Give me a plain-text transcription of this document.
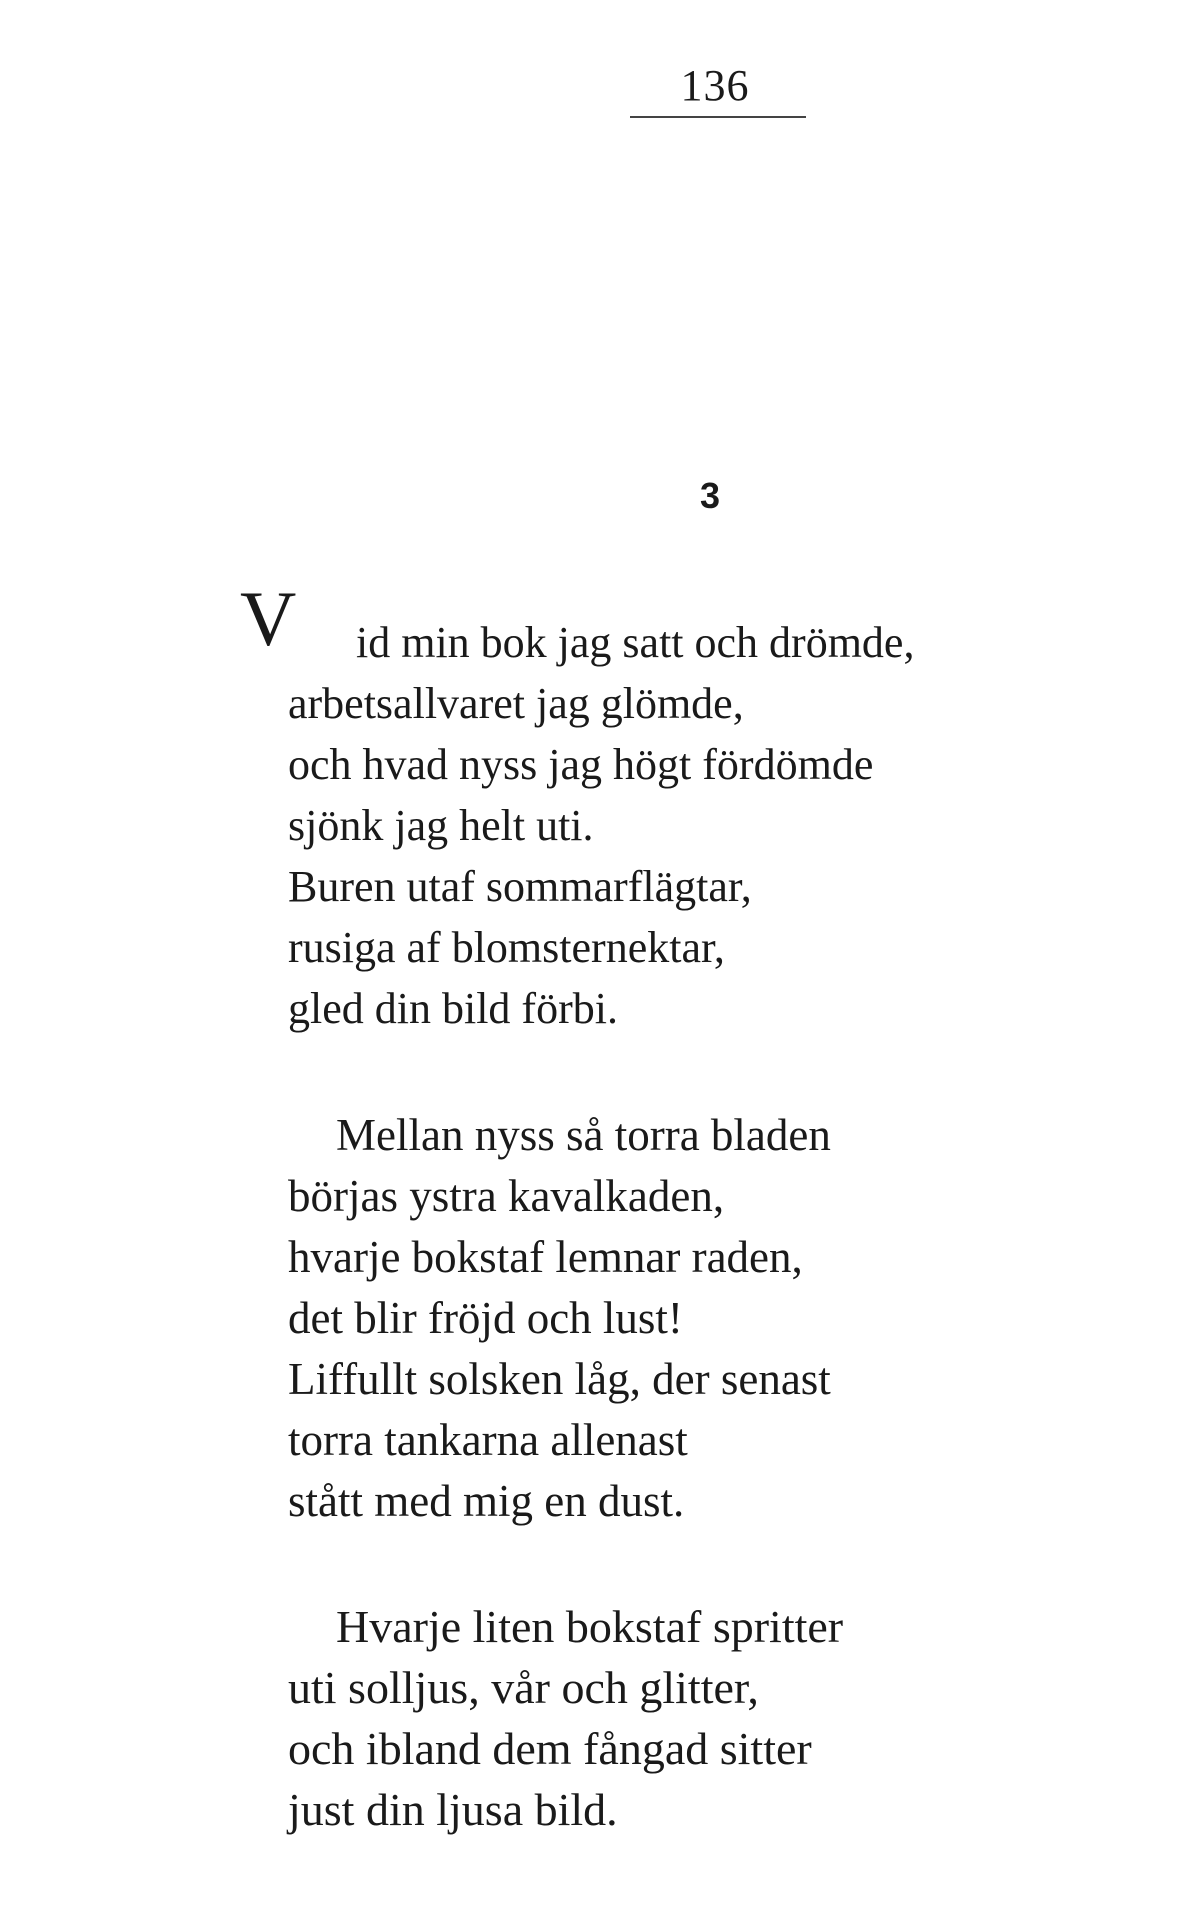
136
3
V	id min bok jag satt och drömde,
arbetsallvaret jag glömde,
och hvad nyss jag högt fördömde
sjönk jag helt uti.
Buren utaf sommarflägtar,
rusiga af blomsternektar,
gled din bild förbi.
Mellan nyss så torra bladen
börjas ystra kavalkaden,
hvarje bokstaf lemnar raden,
det blir fröjd och lust!
Liffullt solsken låg, der senast
torra tankarna allenast
stått med mig en dust.
Hvarje liten bokstaf spritter
uti solljus, vår och glitter,
och ibland dem fångad sitter
just din ljusa bild.
